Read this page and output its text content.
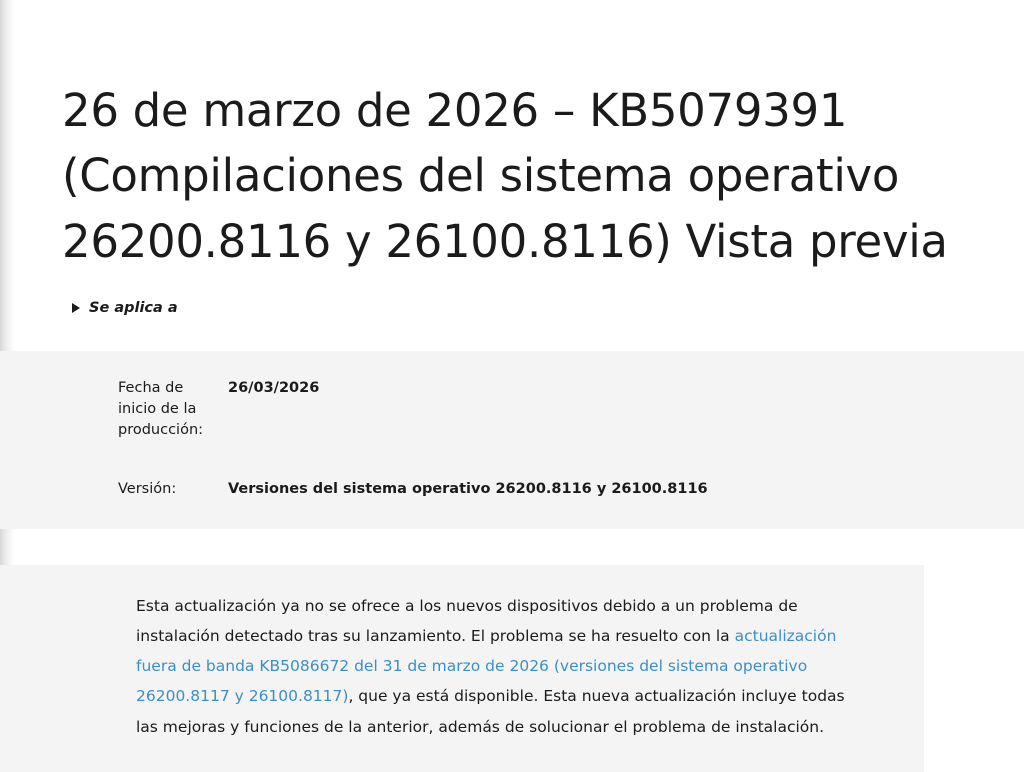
26 de marzo de 2026 – KB5079391 (Compilaciones del sistema operativo 26200.8116 y 26100.8116) Vista previa
Se aplica a
Fecha de inicio de la producción:
26/03/2026
Versión:	Versiones del sistema operativo 26200.8116 y 26100.8116

Esta actualización ya no se ofrece a los nuevos dispositivos debido a un problema de instalación detectado tras su lanzamiento. El problema se ha resuelto con la actualización fuera de banda KB5086672 del 31 de marzo de 2026 (versiones del sistema operativo 26200.8117 y 26100.8117), que ya está disponible. Esta nueva actualización incluye todas las mejoras y funciones de la anterior, además de solucionar el problema de instalación.
